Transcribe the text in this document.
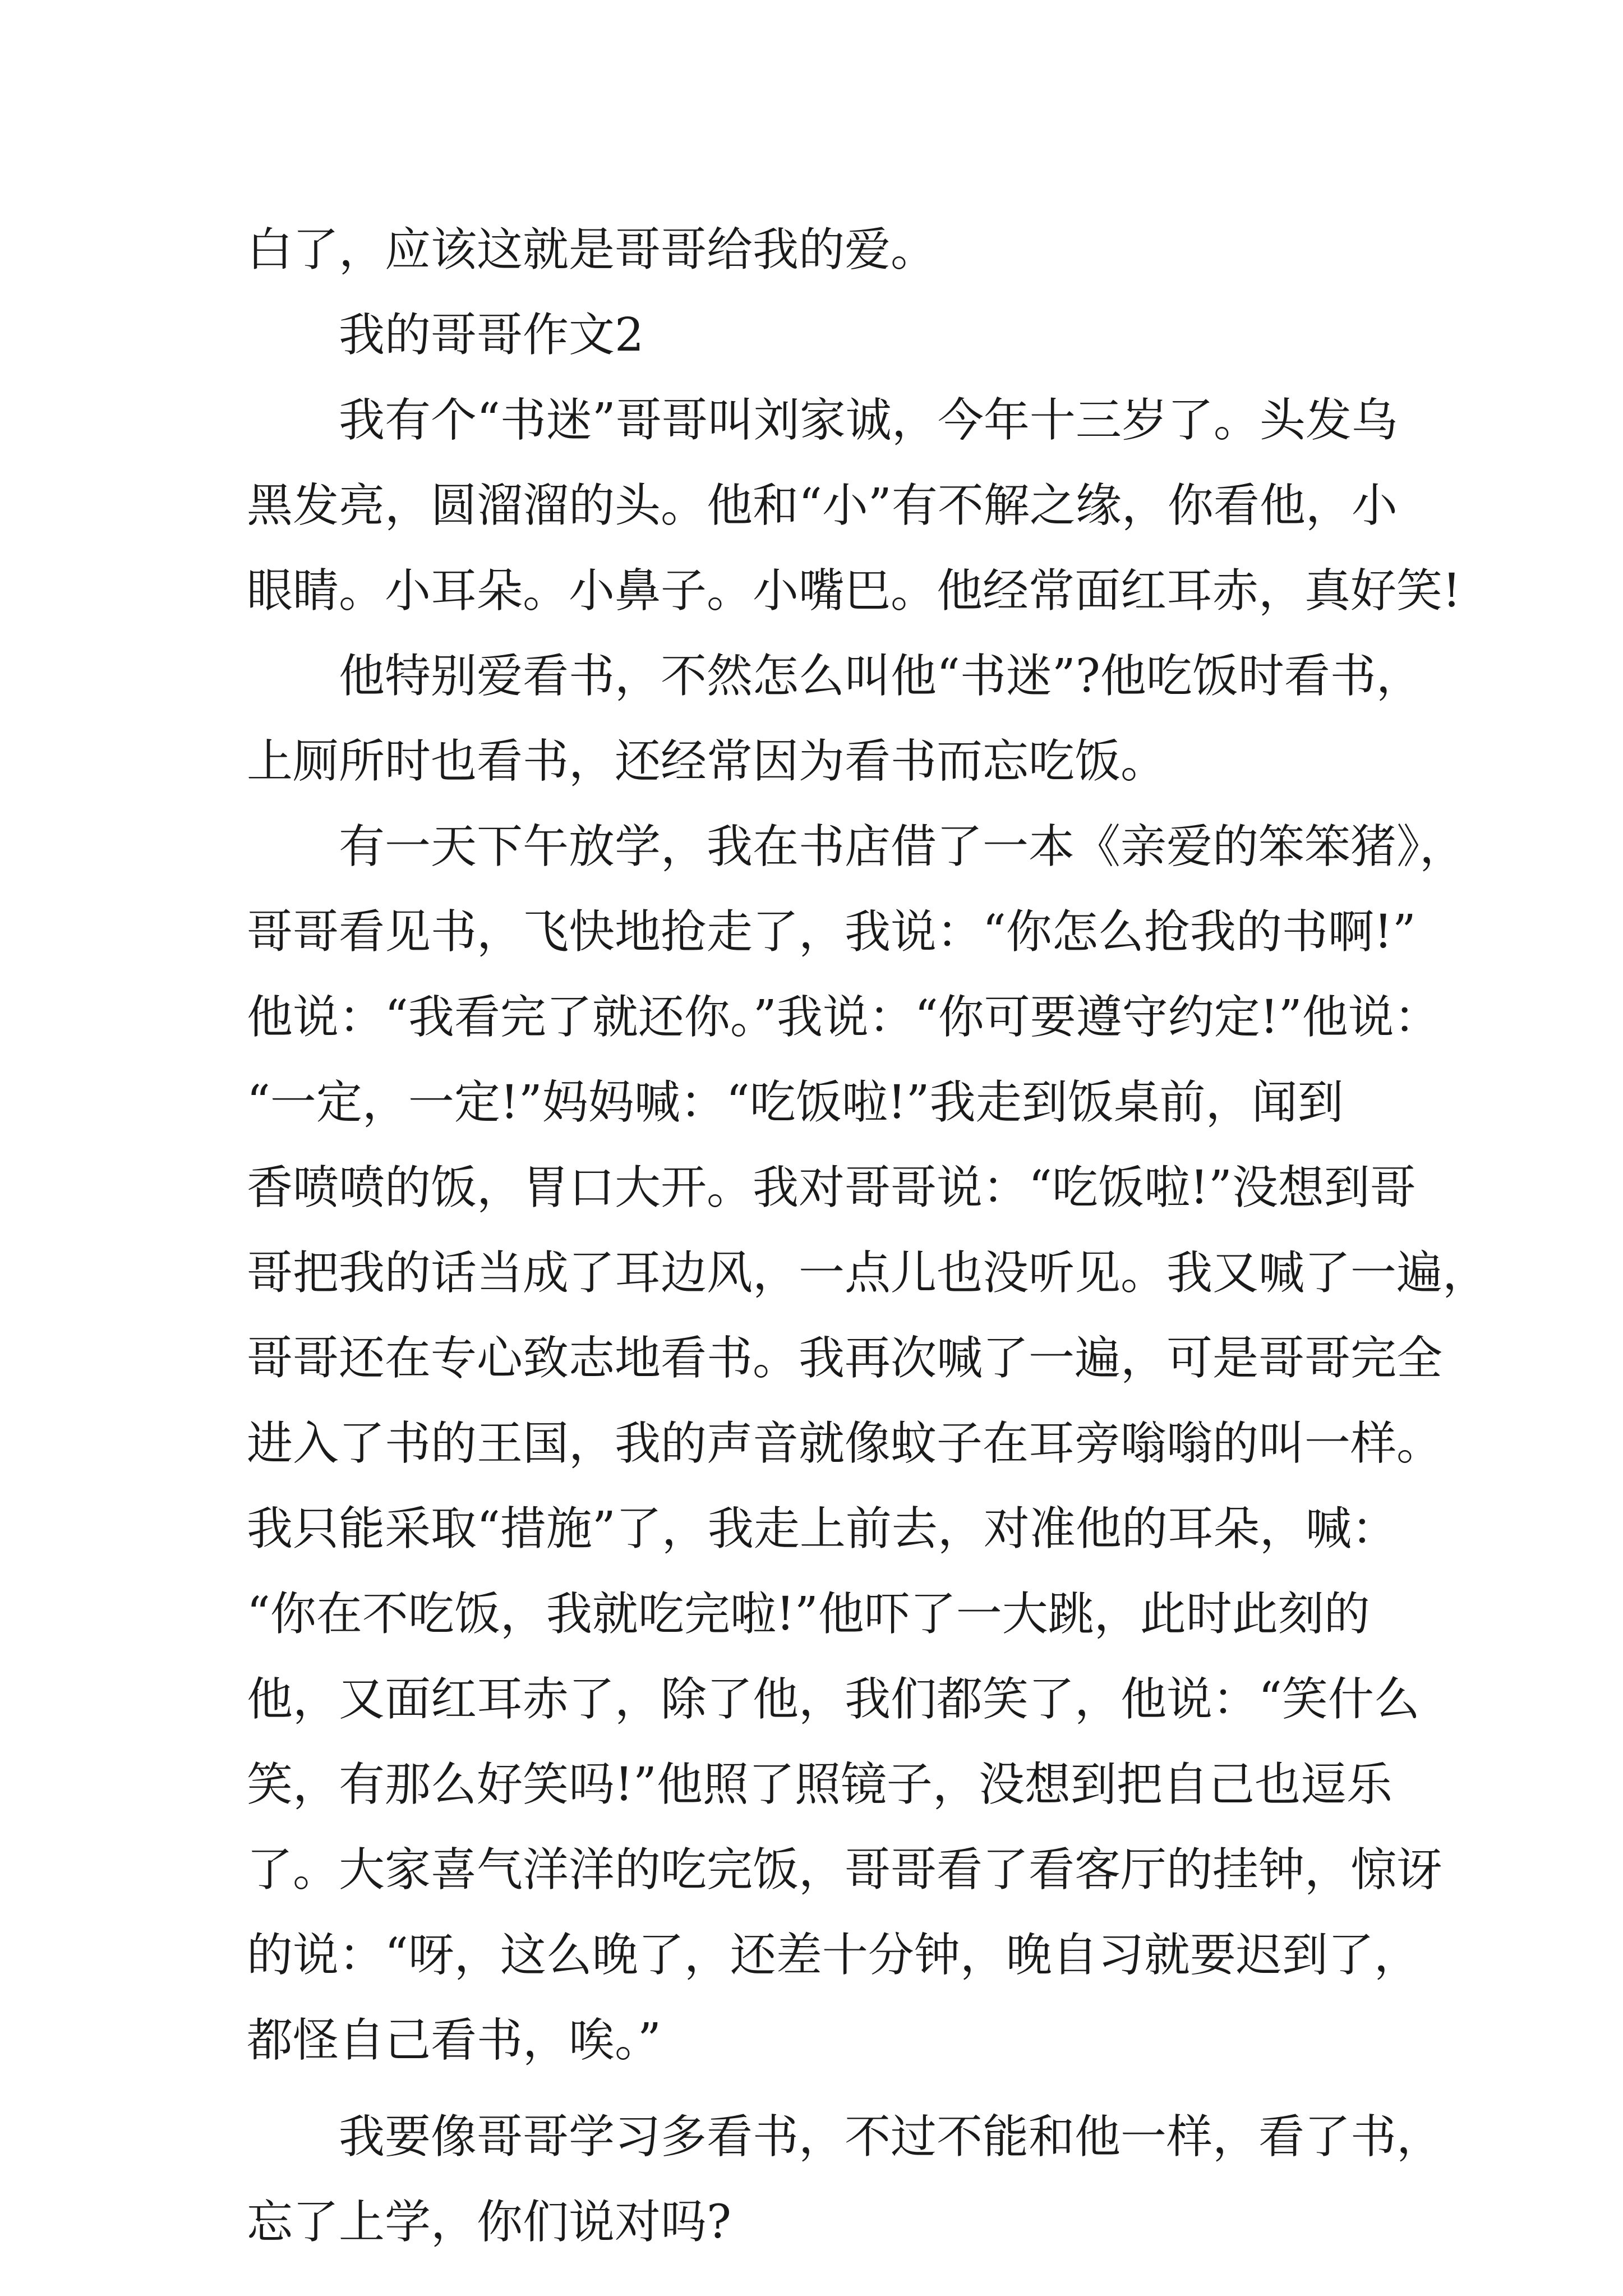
白了，应该这就是哥哥给我的爱。
我的哥哥作文2
我有个“书迷”哥哥叫刘家诚，今年十三岁了。头发乌
黑发亮，圆溜溜的头。他和“小”有不解之缘，你看他，小
眼睛。小耳朵。小鼻子。小嘴巴。他经常面红耳赤，真好笑!
他特别爱看书，不然怎么叫他“书迷”?他吃饭时看书，
上厕所时也看书，还经常因为看书而忘吃饭。
有一天下午放学，我在书店借了一本《亲爱的笨笨猪》，
哥哥看见书，飞快地抢走了，我说：“你怎么抢我的书啊!”
他说：“我看完了就还你。”我说：“你可要遵守约定!”他说：
“一定，一定!”妈妈喊：“吃饭啦!”我走到饭桌前，闻到
香喷喷的饭，胃口大开。我对哥哥说：“吃饭啦!”没想到哥
哥把我的话当成了耳边风，一点儿也没听见。我又喊了一遍，
哥哥还在专心致志地看书。我再次喊了一遍，可是哥哥完全
进入了书的王国，我的声音就像蚊子在耳旁嗡嗡的叫一样。
我只能采取“措施”了，我走上前去，对准他的耳朵，喊：
“你在不吃饭，我就吃完啦!”他吓了一大跳，此时此刻的
他，又面红耳赤了，除了他，我们都笑了，他说：“笑什么
笑，有那么好笑吗!”他照了照镜子，没想到把自己也逗乐
了。大家喜气洋洋的吃完饭，哥哥看了看客厅的挂钟，惊讶
的说：“呀，这么晚了，还差十分钟，晚自习就要迟到了，
都怪自己看书，唉。”
我要像哥哥学习多看书，不过不能和他一样，看了书，
忘了上学，你们说对吗?
